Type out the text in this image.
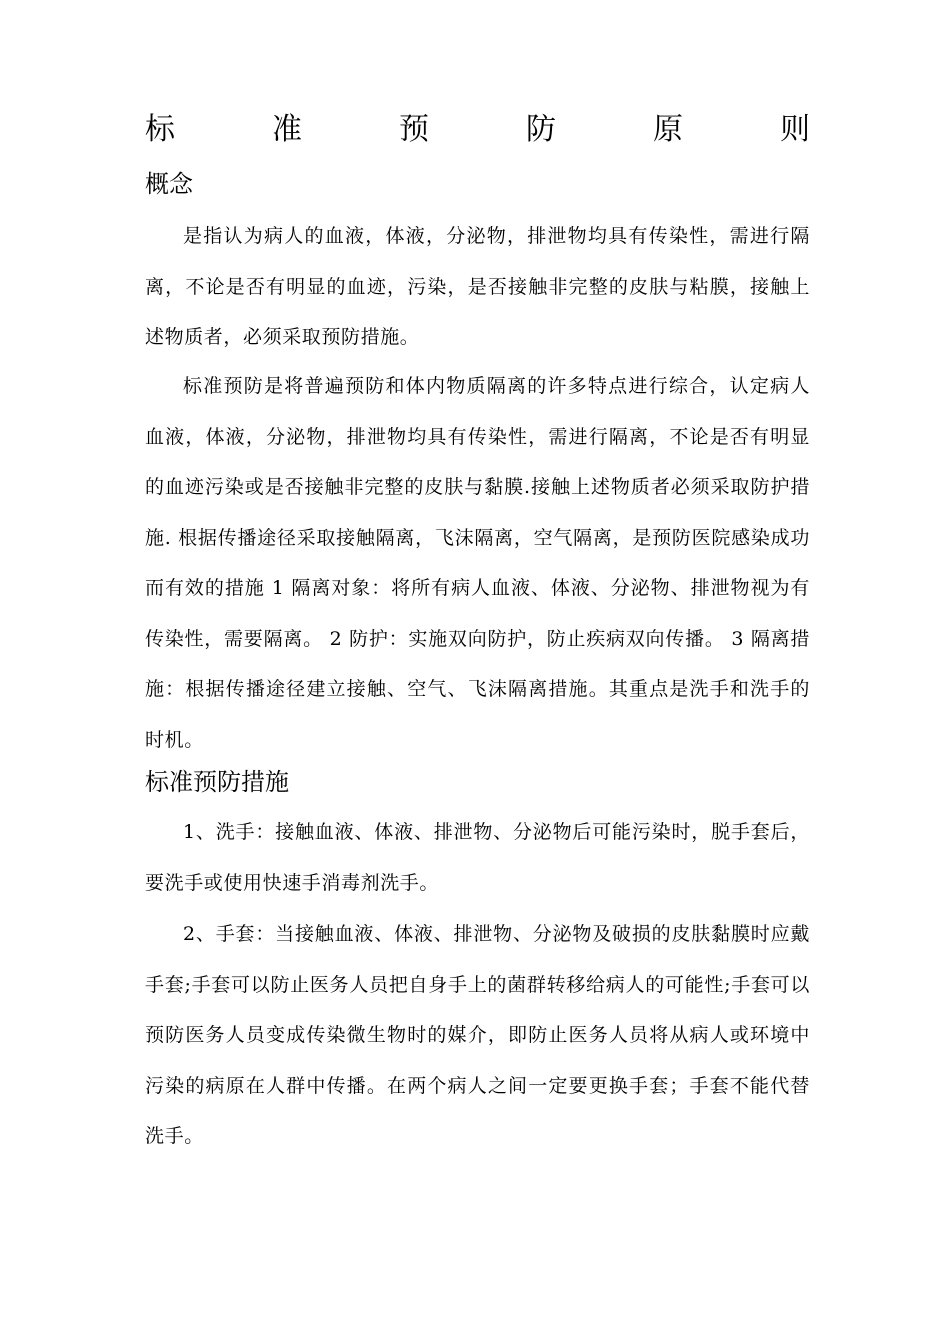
标	准	预	防	原	则
概念

是指认为病人的血液，体液，分泌物，排泄物均具有传染性，需进行隔离，不论是否有明显的血迹，污染，是否接触非完整的皮肤与粘膜，接触上述物质者，必须采取预防措施。

标准预防是将普遍预防和体内物质隔离的许多特点进行综合，认定病人血液，体液，分泌物，排泄物均具有传染性，需进行隔离，不论是否有明显的血迹污染或是否接触非完整的皮肤与黏膜.接触上述物质者必须采取防护措施. 根据传播途径采取接触隔离，飞沫隔离，空气隔离，是预防医院感染成功而有效的措施 1 隔离对象：将所有病人血液、体液、分泌物、排泄物视为有传染性，需要隔离。 2 防护：实施双向防护，防止疾病双向传播。 3 隔离措施：根据传播途径建立接触、空气、飞沫隔离措施。其重点是洗手和洗手的时机。

标准预防措施

1、洗手：接触血液、体液、排泄物、分泌物后可能污染时，脱手套后，要洗手或使用快速手消毒剂洗手。

2、手套：当接触血液、体液、排泄物、分泌物及破损的皮肤黏膜时应戴手套;手套可以防止医务人员把自身手上的菌群转移给病人的可能性;手套可以预防医务人员变成传染微生物时的媒介，即防止医务人员将从病人或环境中污染的病原在人群中传播。在两个病人之间一定要更换手套；手套不能代替洗手。
